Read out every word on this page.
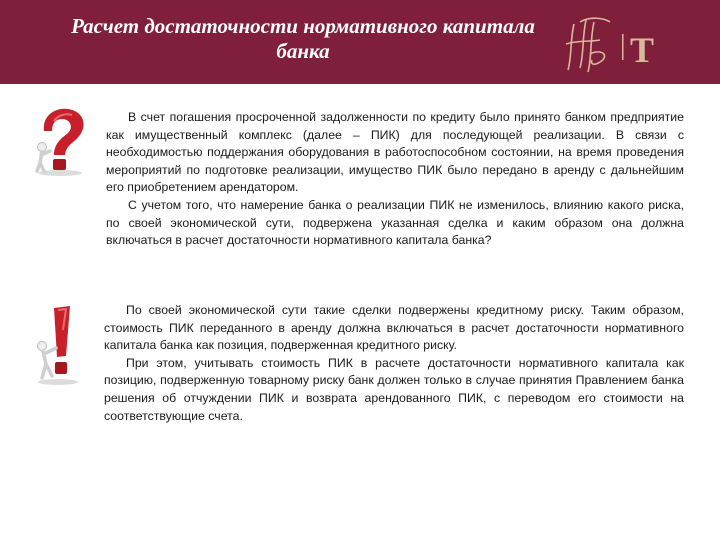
Расчет достаточности нормативного капитала
банка	Т

В счет погашения просроченной задолженности по кредиту было принято банком предприятие как имущественный комплекс (далее – ПИК) для последующей реализации. В связи с необходимостью поддержания оборудования в работоспособном состоянии, на время проведения мероприятий по подготовке реализации, имущество ПИК было передано в аренду с дальнейшим его приобретением арендатором.

С учетом того, что намерение банка о реализации ПИК не изменилось, влиянию какого риска, по своей экономической сути, подвержена указанная сделка и каким образом она должна включаться в расчет достаточности нормативного капитала банка?

По своей экономической сути такие сделки подвержены кредитному риску. Таким образом, стоимость ПИК переданного в аренду должна включаться в расчет достаточности нормативного капитала банка как позиция, подверженная кредитного риску.

При этом, учитывать стоимость ПИК в расчете достаточности нормативного капитала как позицию, подверженную товарному риску банк должен только в случае принятия Правлением банка решения об отчуждении ПИК и возврата арендованного ПИК, с переводом его стоимости на соответствующие счета.
